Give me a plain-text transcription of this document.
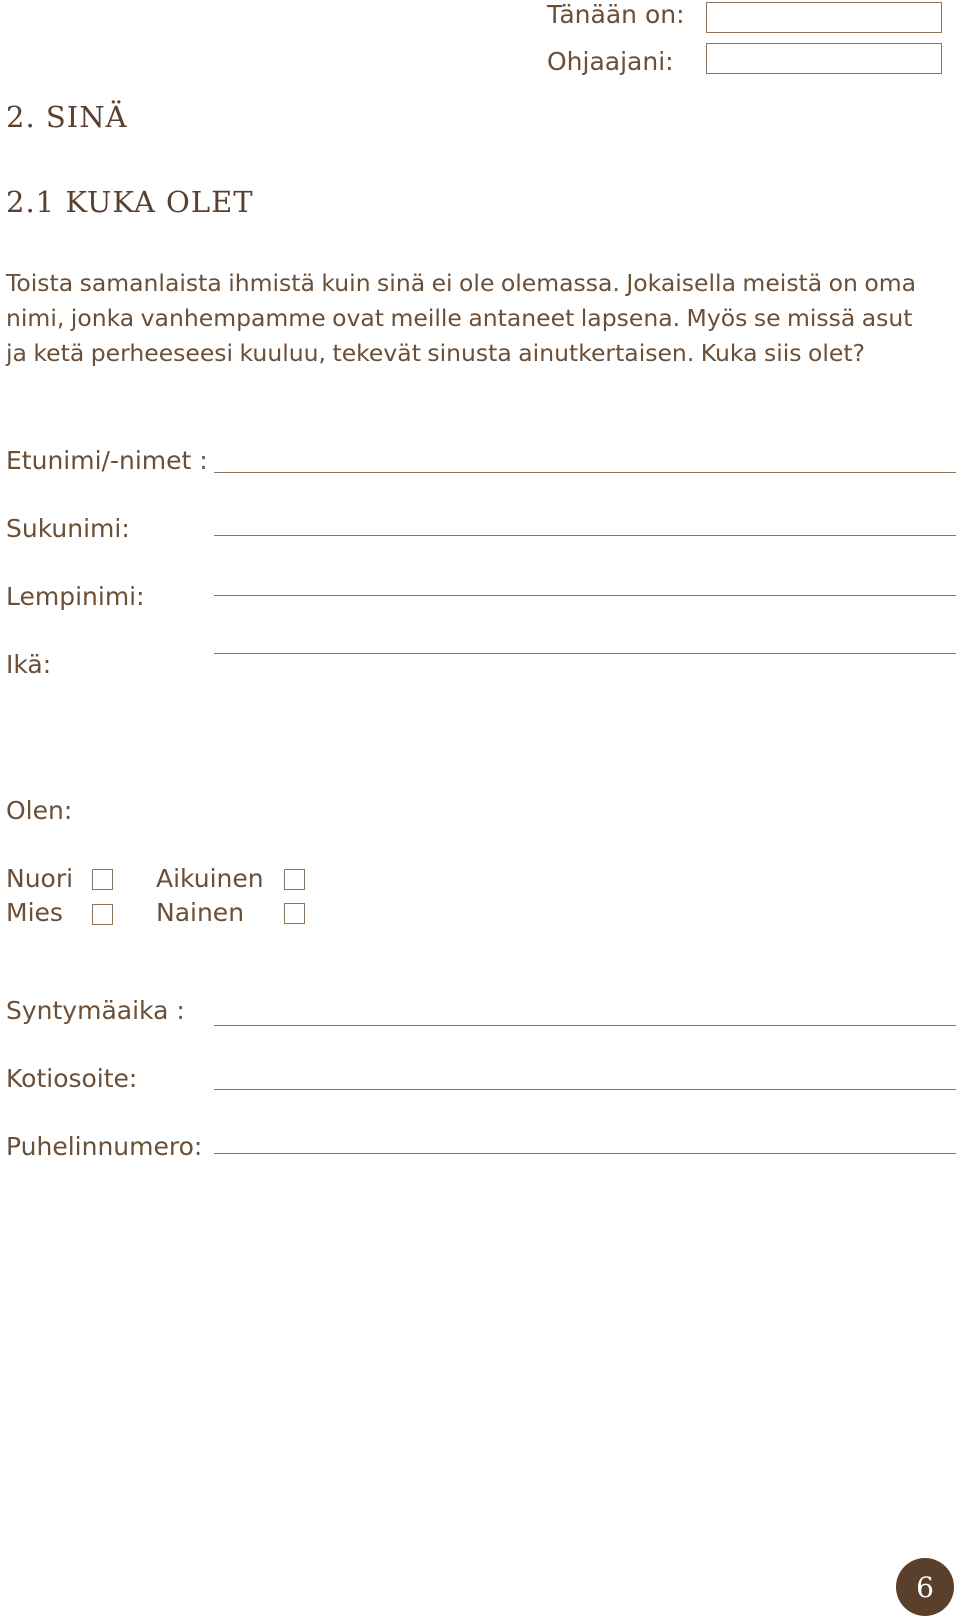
Tänään on:
Ohjaajani:
2. SINÄ
2.1 KUKA OLET
Toista samanlaista ihmistä kuin sinä ei ole olemassa. Jokaisella meistä on oma nimi, jonka vanhempamme ovat meille antaneet lapsena. Myös se missä asut ja ketä perheeseesi kuuluu, tekevät sinusta ainutkertaisen. Kuka siis olet?
Etunimi/-nimet :
Sukunimi:
Lempinimi:
Ikä:
Olen:
Nuori	Aikuinen
Mies	Nainen
Syntymäaika :
Kotiosoite:
Puhelinnumero:
6
